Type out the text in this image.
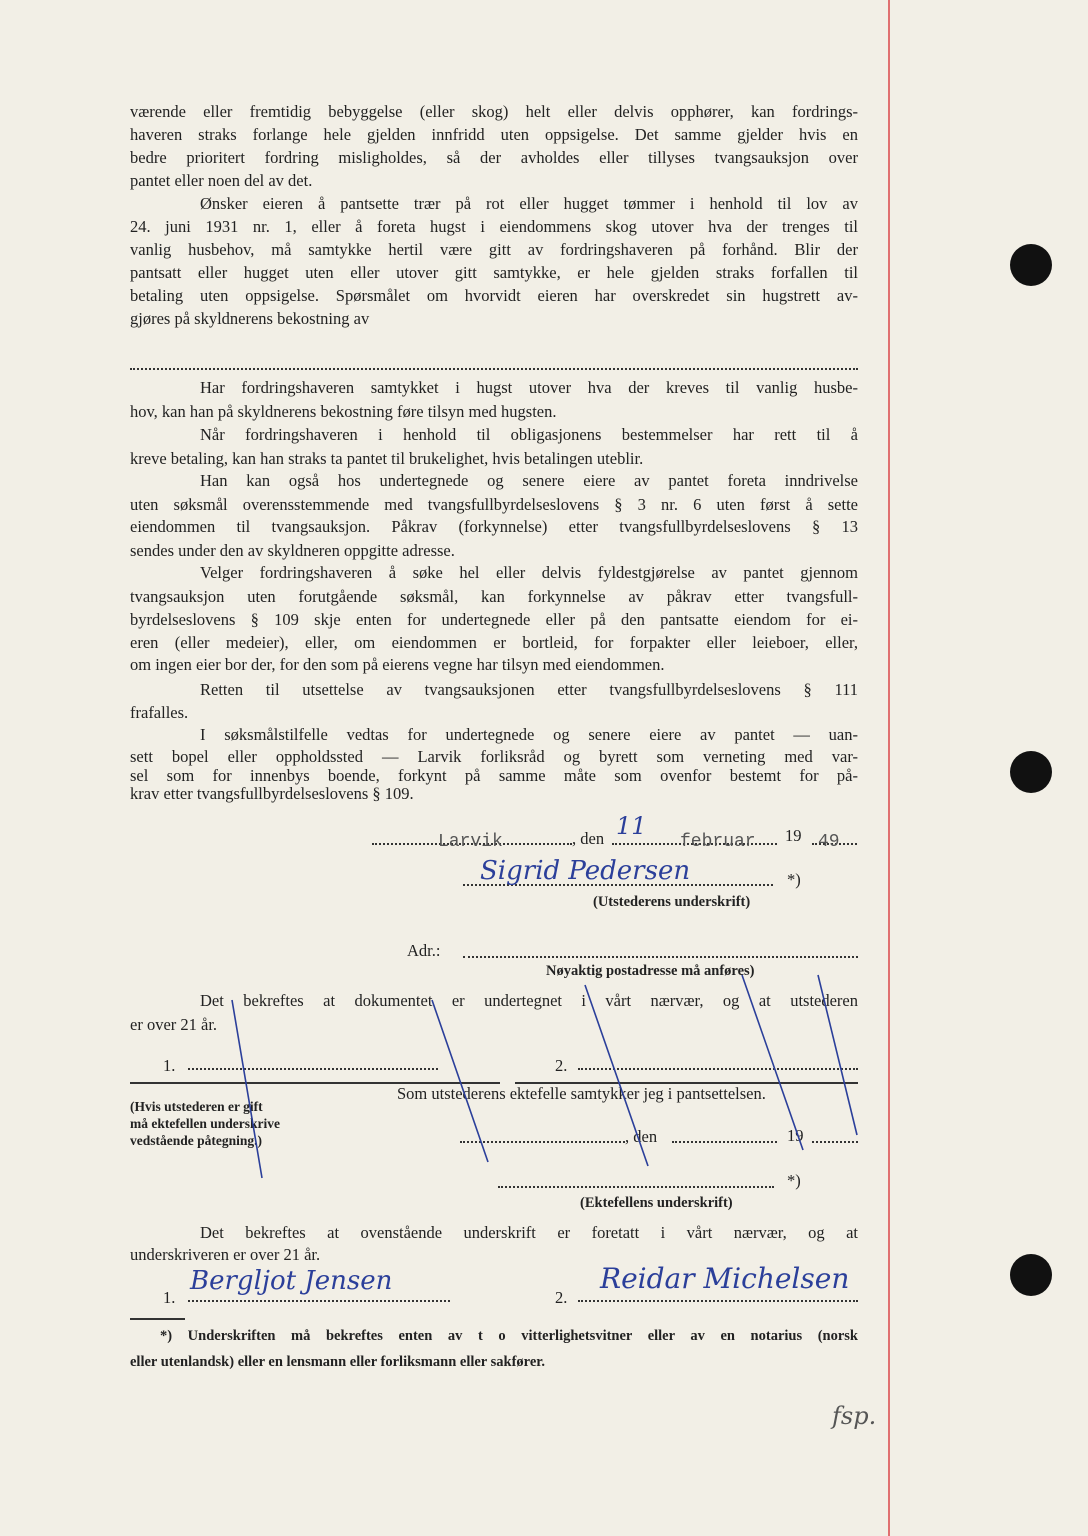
værende eller fremtidig bebyggelse (eller skog) helt eller delvis opphører, kan fordrings-
haveren straks forlange hele gjelden innfridd uten oppsigelse. Det samme gjelder hvis en
bedre prioritert fordring misligholdes, så der avholdes eller tillyses tvangsauksjon over
pantet eller noen del av det.
Ønsker eieren å pantsette trær på rot eller hugget tømmer i henhold til lov av
24. juni 1931 nr. 1, eller å foreta hugst i eiendommens skog utover hva der trenges til
vanlig husbehov, må samtykke hertil være gitt av fordringshaveren på forhånd. Blir der
pantsatt eller hugget uten eller utover gitt samtykke, er hele gjelden straks forfallen til
betaling uten oppsigelse. Spørsmålet om hvorvidt eieren har overskredet sin hugstrett av-
gjøres på skyldnerens bekostning av
Har fordringshaveren samtykket i hugst utover hva der kreves til vanlig husbe-
hov, kan han på skyldnerens bekostning føre tilsyn med hugsten.
Når fordringshaveren i henhold til obligasjonens bestemmelser har rett til å
kreve betaling, kan han straks ta pantet til brukelighet, hvis betalingen uteblir.
Han kan også hos undertegnede og senere eiere av pantet foreta inndrivelse
uten søksmål overensstemmende med tvangsfullbyrdelseslovens § 3 nr. 6 uten først å sette
eiendommen til tvangsauksjon. Påkrav (forkynnelse) etter tvangsfullbyrdelseslovens § 13
sendes under den av skyldneren oppgitte adresse.
Velger fordringshaveren å søke hel eller delvis fyldestgjørelse av pantet gjennom
tvangsauksjon uten forutgående søksmål, kan forkynnelse av påkrav etter tvangsfull-
byrdelseslovens § 109 skje enten for undertegnede eller på den pantsatte eiendom for ei-
eren (eller medeier), eller, om eiendommen er bortleid, for forpakter eller leieboer, eller,
om ingen eier bor der, for den som på eierens vegne har tilsyn med eiendommen.
Retten til utsettelse av tvangsauksjonen etter tvangsfullbyrdelseslovens § 111
frafalles.
I søksmålstilfelle vedtas for undertegnede og senere eiere av pantet — uan-
sett bopel eller oppholdssted — Larvik forliksråd og byrett som verneting med var-
sel som for innenbys boende, forkynt på samme måte som ovenfor bestemt for på-
krav etter tvangsfullbyrdelseslovens § 109.
Larvik	, den 11
februar 19 49
Sigrid Pedersen	*)
(Utstederens underskrift)
Adr.:
Nøyaktig postadresse må anføres)
Det bekreftes at dokumentet er undertegnet i vårt nærvær, og at utstederen
er over 21 år.
1.	2.
Som utstederens ektefelle samtykker jeg i pantsettelsen.
(Hvis utstederen er gift
må ektefellen underskrive
vedstående påtegning.)	, den	19
*)
(Ektefellens underskrift)
Det bekreftes at ovenstående underskrift er foretatt i vårt nærvær, og at
underskriveren er over 21 år.
1.
Bergljot Jensen
2.
Reidar Michelsen
*) Underskriften må bekreftes enten av t o vitterlighetsvitner eller av en notarius (norsk
eller utenlandsk) eller en lensmann eller forliksmann eller sakfører.
fsp.
